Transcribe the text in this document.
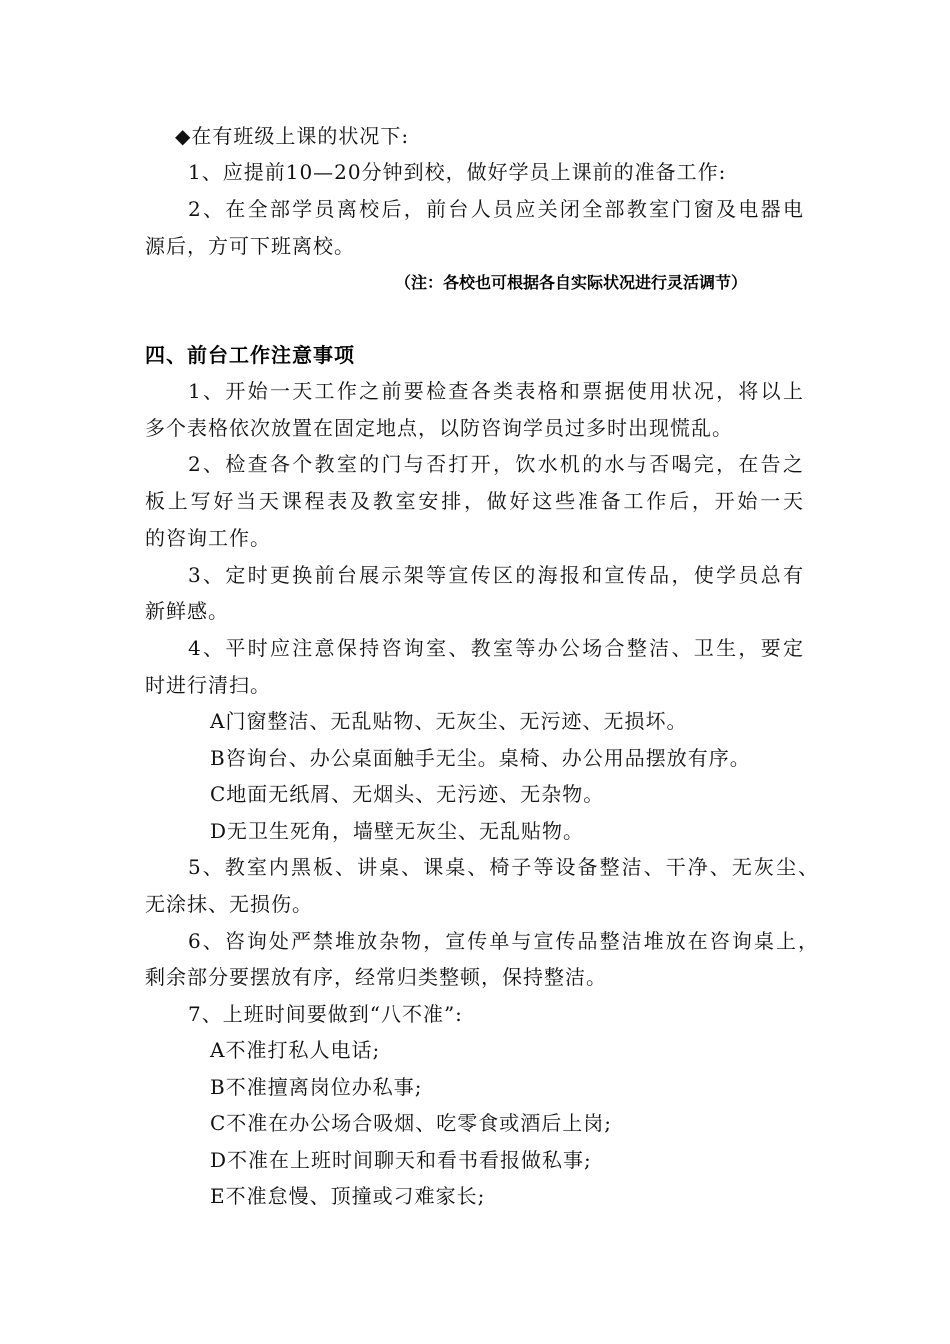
◆在有班级上课的状况下:
1、应提前10—20分钟到校，做好学员上课前的准备工作:
2、在全部学员离校后，前台人员应关闭全部教室门窗及电器电
源后，方可下班离校。
（注：各校也可根据各自实际状况进行灵活调节）
四、前台工作注意事项
1、开始一天工作之前要检查各类表格和票据使用状况，将以上
多个表格依次放置在固定地点，以防咨询学员过多时出现慌乱。
2、检查各个教室的门与否打开，饮水机的水与否喝完，在告之
板上写好当天课程表及教室安排，做好这些准备工作后，开始一天
的咨询工作。
3、定时更换前台展示架等宣传区的海报和宣传品，使学员总有
新鲜感。
4、平时应注意保持咨询室、教室等办公场合整洁、卫生，要定
时进行清扫。
A门窗整洁、无乱贴物、无灰尘、无污迹、无损坏。
B咨询台、办公桌面触手无尘。桌椅、办公用品摆放有序。
C地面无纸屑、无烟头、无污迹、无杂物。
D无卫生死角，墙壁无灰尘、无乱贴物。
5、教室内黑板、讲桌、课桌、椅子等设备整洁、干净、无灰尘、
无涂抹、无损伤。
6、咨询处严禁堆放杂物，宣传单与宣传品整洁堆放在咨询桌上，
剩余部分要摆放有序，经常归类整顿，保持整洁。
7、上班时间要做到“八不准”:
A不准打私人电话;
B不准擅离岗位办私事;
C不准在办公场合吸烟、吃零食或酒后上岗;
D不准在上班时间聊天和看书看报做私事;
E不准怠慢、顶撞或刁难家长;
